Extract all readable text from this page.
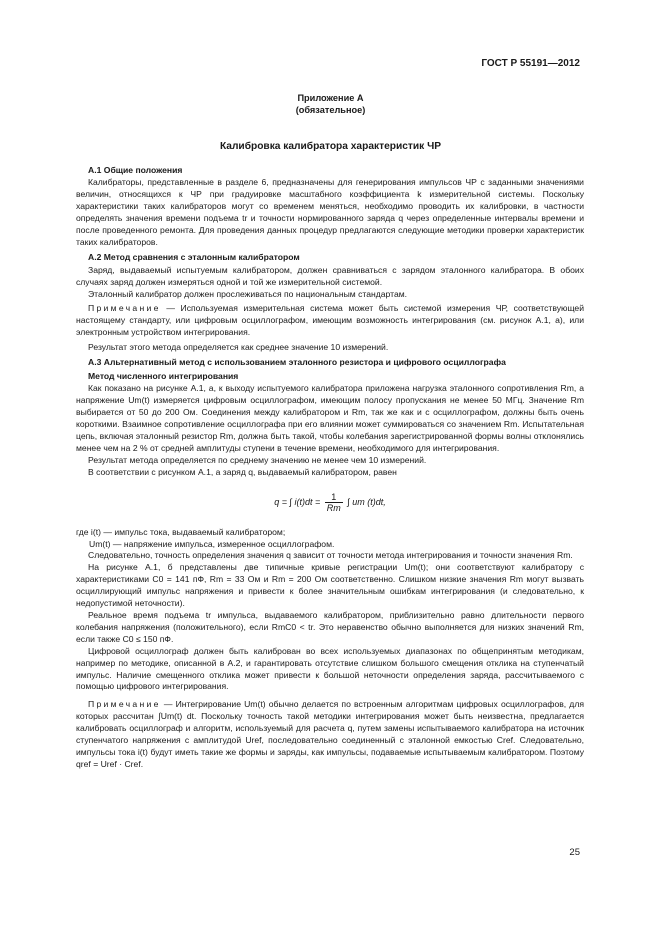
ГОСТ Р 55191—2012
Приложение А
(обязательное)
Калибровка калибратора характеристик ЧР

А.1 Общие положения

Калибраторы, представленные в разделе 6, предназначены для генерирования импульсов ЧР с заданными значениями величин, относящихся к ЧР при градуировке масштабного коэффициента k измерительной системы. Поскольку характеристики таких калибраторов могут со временем меняться, необходимо проводить их калибровки, в частности определять значения времени подъема tr и точности нормированного заряда q через определенные интервалы времени и после проведенного ремонта. Для проведения данных процедур предлагаются следующие методики проверки характеристик таких калибраторов.

А.2 Метод сравнения с эталонным калибратором

Заряд, выдаваемый испытуемым калибратором, должен сравниваться с зарядом эталонного калибратора. В обоих случаях заряд должен измеряться одной и той же измерительной системой.

Эталонный калибратор должен прослеживаться по национальным стандартам.

Примечание — Используемая измерительная система может быть системой измерения ЧР, соответствующей настоящему стандарту, или цифровым осциллографом, имеющим возможность интегрирования (см. рисунок А.1, а), или электронным устройством интегрирования.

Результат этого метода определяется как среднее значение 10 измерений.

А.3 Альтернативный метод с использованием эталонного резистора и цифрового осциллографа

Метод численного интегрирования

Как показано на рисунке А.1, а, к выходу испытуемого калибратора приложена нагрузка эталонного сопротивления Rm, а напряжение Um(t) измеряется цифровым осциллографом, имеющим полосу пропускания не менее 50 МГц. Значение Rm выбирается от 50 до 200 Ом. Соединения между калибратором и Rm, так же как и с осциллографом, должны быть очень короткими. Взаимное сопротивление осциллографа при его влиянии может суммироваться со значением Rm. Испытательная цепь, включая эталонный резистор Rm, должна быть такой, чтобы колебания зарегистрированной формы волны отклонялись менее чем на 2 % от средней амплитуды ступени в течение времени, необходимого для интегрирования.

Результат метода определяется по среднему значению не менее чем 10 измерений.

В соответствии с рисунком А.1, а заряд q, выдаваемый калибратором, равен

q = ∫ $i(t)dt = \frac{1}{Rm}$ ∫ um (t)dt,

где i(t) — импульс тока, выдаваемый калибратором;

Um(t) — напряжение импульса, измеренное осциллографом.

Следовательно, точность определения значения q зависит от точности метода интегрирования и точности значения Rm.

На рисунке А.1, б представлены две типичные кривые регистрации Um(t); они соответствуют калибратору с характеристиками C0 = 141 пФ, Rm = 33 Ом и Rm = 200 Ом соответственно. Слишком низкие значения Rm могут вызвать осциллирующий импульс напряжения и привести к более значительным ошибкам интегрирования (и следовательно, к недопустимой неточности).

Реальное время подъема tr импульса, выдаваемого калибратором, приблизительно равно длительности первого колебания напряжения (положительного), если RmC0 < tr. Это неравенство обычно выполняется для низких значений Rm, если также C0 ≤ 150 пФ.

Цифровой осциллограф должен быть калиброван во всех используемых диапазонах по общепринятым методикам, например по методике, описанной в А.2, и гарантировать отсутствие слишком большого смещения отклика на ступенчатый импульс. Наличие смещенного отклика может привести к большой неточности определения заряда, рассчитываемого с помощью цифрового интегрирования.

Примечание — Интегрирование Um(t) обычно делается по встроенным алгоритмам цифровых осциллографов, для которых рассчитан ∫Um(t) dt. Поскольку точность такой методики интегрирования может быть неизвестна, предлагается калибровать осциллограф и алгоритм, используемый для расчета q, путем замены испытываемого калибратора на источник ступенчатого напряжения с амплитудой Uref, последовательно соединенный с эталонной емкостью Cref. Следовательно, импульсы тока i(t) будут иметь такие же формы и заряды, как импульсы, подаваемые испытываемым калибратором. Поэтому qref = Uref · Cref.

25
